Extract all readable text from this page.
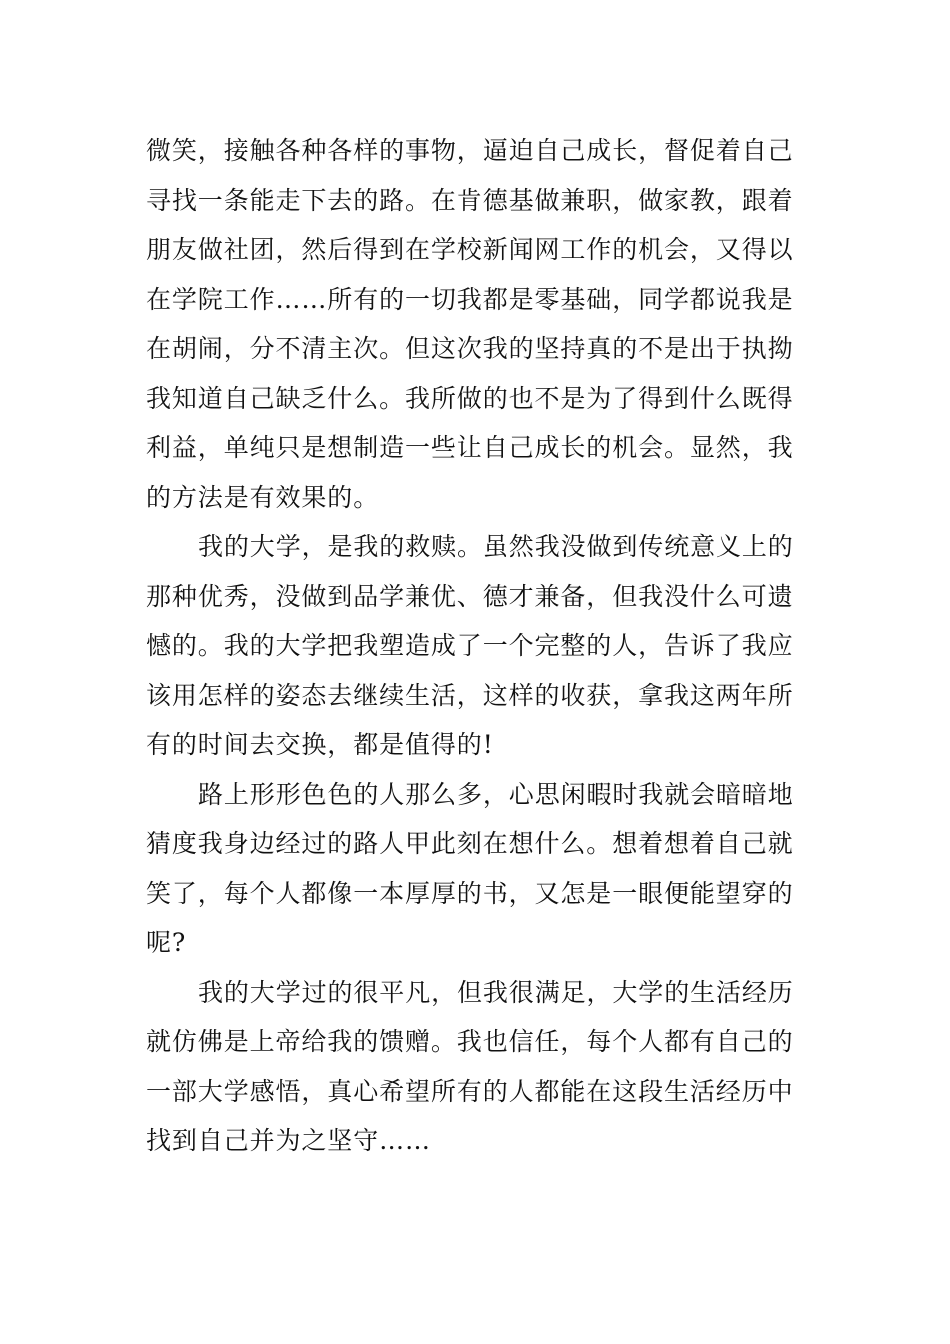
微笑，接触各种各样的事物，逼迫自己成长，督促着自己
寻找一条能走下去的路。在肯德基做兼职，做家教，跟着
朋友做社团，然后得到在学校新闻网工作的机会，又得以
在学院工作……所有的一切我都是零基础，同学都说我是
在胡闹，分不清主次。但这次我的坚持真的不是出于执拗
我知道自己缺乏什么。我所做的也不是为了得到什么既得
利益，单纯只是想制造一些让自己成长的机会。显然，我
的方法是有效果的。
我的大学，是我的救赎。虽然我没做到传统意义上的
那种优秀，没做到品学兼优、德才兼备，但我没什么可遗
憾的。我的大学把我塑造成了一个完整的人，告诉了我应
该用怎样的姿态去继续生活，这样的收获，拿我这两年所
有的时间去交换，都是值得的!
路上形形色色的人那么多，心思闲暇时我就会暗暗地
猜度我身边经过的路人甲此刻在想什么。想着想着自己就
笑了，每个人都像一本厚厚的书，又怎是一眼便能望穿的
呢?
我的大学过的很平凡，但我很满足，大学的生活经历
就仿佛是上帝给我的馈赠。我也信任，每个人都有自己的
一部大学感悟，真心希望所有的人都能在这段生活经历中
找到自己并为之坚守……
